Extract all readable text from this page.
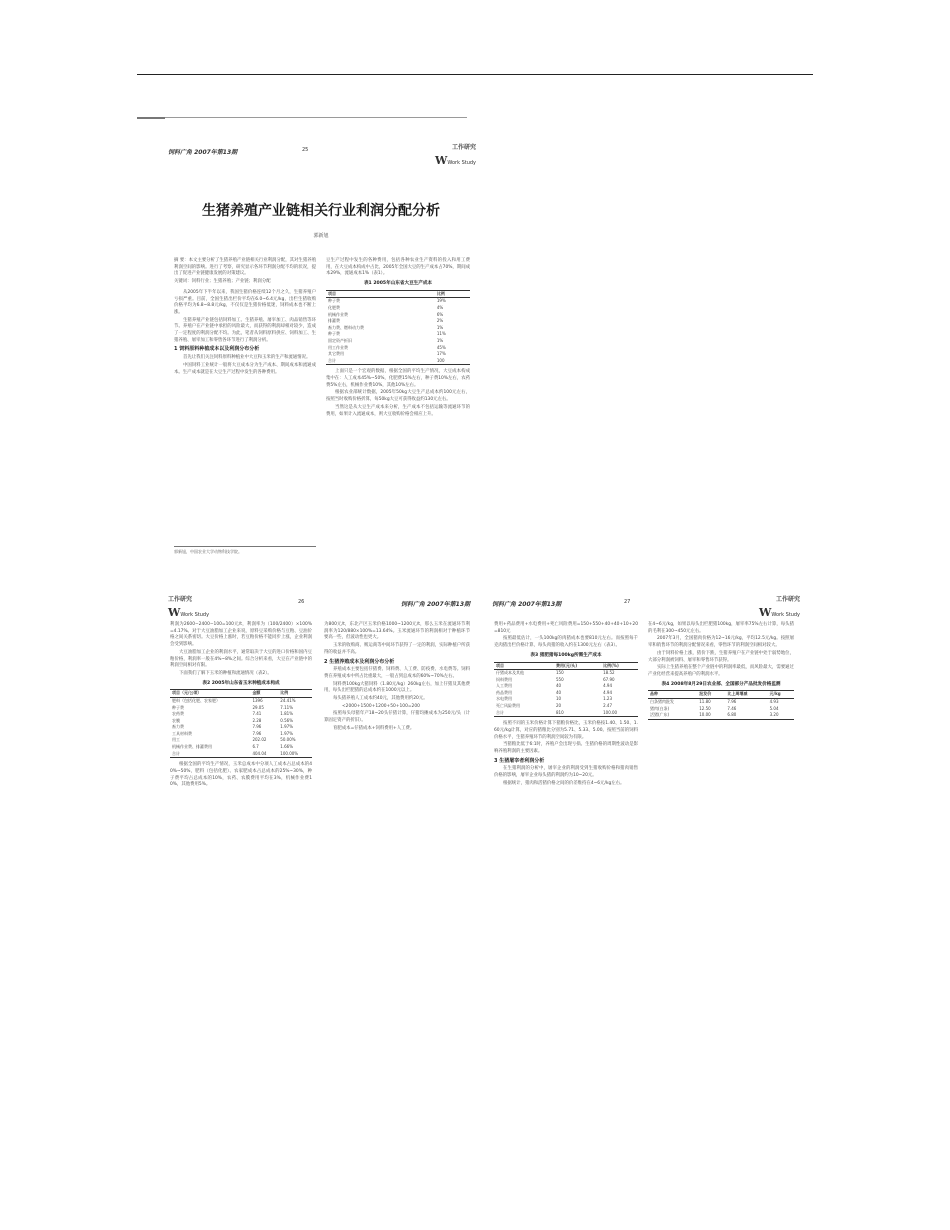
饲料广角 2007年第13期	25	工作研究
WWork Study
生猪养殖产业链相关行业利润分配分析
郭新旭

摘 要：本文主要分析了生猪养殖产业链相关行业利润分配，其对生猪养殖利润空间的影响。进行了考察，研究显示各环节利润分配不均的状况，提出了促进产业链健康发展的对策建议。

关键词：饲料行业；生猪养殖；产业链；利润分配

从2005年下半年以来，我国生猪价格连续12个月之久，生猪养殖户亏损严重。目前，全国生猪出栏价平均在6.0~6.4元/kg，出栏生猪收购价格平均为6.8~8.8元/kg，不仅仅是生猪价格低迷，饲料成本也不断上涨。

生猪养殖产业链包括饲料加工、生猪养殖、屠宰加工、肉品销售等环节。养殖户在产业链中承担的风险最大，而获得的利润却相对较少，造成了一定程度的利润分配不均。为此，笔者从饲料原料供应、饲料加工、生猪养殖、屠宰加工和零售各环节进行了利润分析。

1 饲料原料种植成本以及利润分布分析

首先让我们关注饲料原料种植业中大豆和玉米的生产和流通情况。

中国饲料工业统计一般将大豆成本分为生产成本、期间成本和流通成本。生产成本就是在大豆生产过程中发生的各种费用。

郭新旭，中国农业大学动物科技学院。

豆生产过程中发生的各种费用，包括各种农业生产资料的投入和用工费用，在大豆成本构成中占比，2005年全国大豆的生产成本占70%，期间成本29%，流通成本1%（表1）。

表1 2005年山东省大豆生产成本
项目	比例
种子费	19%
化肥费	4%
机械作业费	6%
排灌费	2%
畜力费、燃料动力费	1%
种子费	11%
固定资产折旧	1%
用工作业费	45%
其它费用	17%
合计	100

上面只是一个宏观的数据，根据全国的平均生产情况，大豆成本构成集中在：人工成本45%~50%，化肥费15%左右，种子费10%左右，农药费5%左右，机械作业费10%，其他10%左右。

根据农业部统计数据，2005年50kg大豆生产总成本约100元左右，按照当时收购价格折算，每50kg大豆可获得收益约130元左右。

当然这是从大豆生产成本来分析，生产成本不包括运输等流通环节的费用，如果计入流通成本，则大豆收购价格会相应上升。

工作研究
WWork Study
26	饲料广角 2007年第13期

利润为2600−2400−100=100元/t，利润率为（100/2400）×100%=4.17%。对于大豆油脂加工企业来说，原料豆采购价格与豆粕、豆油价格之间关系密切。大豆价格上涨时，若豆粕价格不能同步上涨，企业利润会受到影响。

大豆油脂加工企业的利润水平，通常取决于大豆的进口价格和国内豆粕价格，利润率一般在4%~8%之间。综合分析来看，大豆在产业链中的利润空间相对有限。

下面我们了解下玉米的种植和流通情况（表2）。

表2 2005年山东省玉米种植成本构成
项目（元/公顷）	金额	比例
肥料（包括化肥、农家肥）	1396	24.41%
种子费	29.05	7.11%
农药费	7.41	1.81%
农膜	2.28	0.56%
畜力费	7.96	1.97%
工具材料费	7.96	1.97%
用工	202.02	50.00%
机械作业费、排灌费用	6.7	1.66%
合计	404.04	100.00%

根据全国的平均生产情况，玉米总成本中分项人工成本占总成本的40%~50%，肥料（包括化肥）、农家肥成本占总成本的25%~30%，种子费平均占总成本的10%，农药、农膜费用平均在3%，机械作业费10%，其他费用5%。

为800元/t，东北产区玉米价格1000~1200元/t，那么玉米在流通环节利润率为120/880×100%=13.64%。玉米流通环节的利润相对于种植环节要高一些，但波动性也更大。

玉米的收购商、贩运商等中间环节获得了一定的利润，实际种植户所获得的收益并不高。

2 生猪养殖成本及利润分布分析

养殖成本主要包括仔猪费、饲料费、人工费、防疫费、水电费等。饲料费在养殖成本中所占比重最大，一般占到总成本的60%~70%左右。

饲料费100kg大猪饲料（1.80元/kg）260kg左右，加上仔猪及其他费用，每头出栏肥猪的总成本约在1000元以上。

每头猪养殖人工成本约40元，其他费用约20元。

<2000+1500+1200+50+100=200

按照每头母猪年产18~20头仔猪计算，仔猪均摊成本为250元/头（计算固定资产的折旧）。

育肥成本=仔猪成本+饲料费用+人工费。

饲料广角 2007年第13期	27	工作研究
WWork Study

费用+药品费用+水电费用+死亡风险费用=150+550+40+40+10+20=810元

按照最低估计，一头100kg的肉猪成本也要810元左右。而按照每千克肉猪出栏价格计算，每头肉猪的收入约在1300元左右（表3）。

表3 猪肥猪每100kg所需生产成本
项目	费用(元/头)	比例(%)
仔猪成本及其他	150	18.52
饲料费用	550	67.90
人工费用	40	4.94
药品费用	40	4.94
水电费用	10	1.23
死亡风险费用	20	2.47
合计	810	100.00

按照不同的玉米价格计算下猪粮价格比，玉米价格按1.40、1.50、1.60元/kg计算，对应的猪粮比分别为5.71、5.33、5.00。按照当前的饲料价格水平，生猪养殖环节的利润空间较为有限。

当猪粮比低于6:1时，养殖户会出现亏损。生猪价格的周期性波动是影响养殖利润的主要因素。

3 生猪屠宰者利润分析

在生猪利润的分析中，屠宰企业的利润受到生猪收购价格和猪肉销售价格的影响，屠宰企业每头猪的利润约为10~20元。

根据统计，猪肉和活猪价格之间的价差维持在4~6元/kg左右。

在4~6元/kg，如果以每头出栏肥猪100kg，屠宰率75%左右计算，每头猪的毛利在300~450元左右。

2007年3月，全国猪肉价格为12~16元/kg，平均12.5元/kg。按照屠宰和销售环节的利润分配情况来看，零售环节的利润空间相对较大。

由于饲料价格上涨，猪价下跌，生猪养殖户在产业链中处于弱势地位，大部分利润被饲料、屠宰和零售环节获得。

实际上生猪养殖在整个产业链中的利润率最低，而风险最大，需要通过产业化经营来提高养殖户的利润水平。

表4 2008年8月29日农业部、全国部分产品批发价格监测
品种	批发价	比上周增减	元/kg
白条猪肉批发	11.80	7.96	4.93
猪肉(白条)	12.50	7.46	5.04
活猪(广东)	10.00	6.80	3.20
